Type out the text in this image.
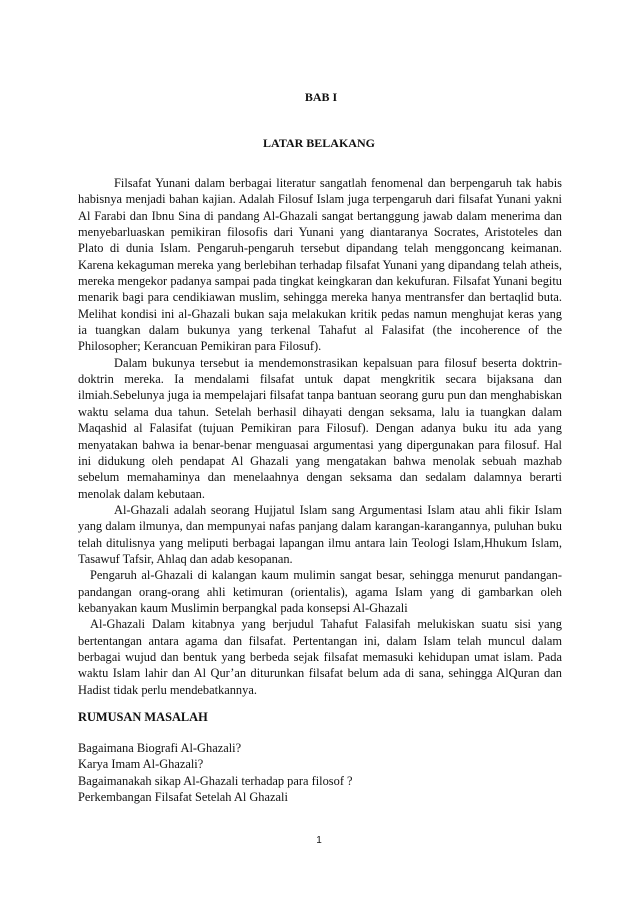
BAB I
LATAR BELAKANG

Filsafat Yunani dalam berbagai literatur sangatlah fenomenal dan berpengaruh tak habis habisnya menjadi bahan kajian. Adalah Filosuf Islam juga terpengaruh dari filsafat Yunani yakni Al Farabi dan Ibnu Sina di pandang Al-Ghazali sangat bertanggung jawab dalam menerima dan menyebarluaskan pemikiran filosofis dari Yunani yang diantaranya Socrates, Aristoteles dan Plato di dunia Islam. Pengaruh-pengaruh tersebut dipandang telah menggoncang keimanan. Karena kekaguman mereka yang berlebihan terhadap filsafat Yunani yang dipandang telah atheis, mereka mengekor padanya sampai pada tingkat keingkaran dan kekufuran. Filsafat Yunani begitu menarik bagi para cendikiawan muslim, sehingga mereka hanya mentransfer dan bertaqlid buta. Melihat kondisi ini al-Ghazali bukan saja melakukan kritik pedas namun menghujat keras yang ia tuangkan dalam bukunya yang terkenal Tahafut al Falasifat (the incoherence of the Philosopher; Kerancuan Pemikiran para Filosuf).

Dalam bukunya tersebut ia mendemonstrasikan kepalsuan para filosuf beserta doktrin-doktrin mereka. Ia mendalami filsafat untuk dapat mengkritik secara bijaksana dan ilmiah.Sebelunya juga ia mempelajari filsafat tanpa bantuan seorang guru pun dan menghabiskan waktu selama dua tahun. Setelah berhasil dihayati dengan seksama, lalu ia tuangkan dalam Maqashid al Falasifat (tujuan Pemikiran para Filosuf). Dengan adanya buku itu ada yang menyatakan bahwa ia benar-benar menguasai argumentasi yang dipergunakan para filosuf. Hal ini didukung oleh pendapat Al Ghazali yang mengatakan bahwa menolak sebuah mazhab sebelum memahaminya dan menelaahnya dengan seksama dan sedalam dalamnya berarti menolak dalam kebutaan.

Al-Ghazali adalah seorang Hujjatul Islam sang Argumentasi Islam atau ahli fikir Islam yang dalam ilmunya, dan mempunyai nafas panjang dalam karangan-karangannya, puluhan buku telah ditulisnya yang meliputi berbagai lapangan ilmu antara lain Teologi Islam,Hhukum Islam, Tasawuf Tafsir, Ahlaq dan adab kesopanan.

Pengaruh al-Ghazali di kalangan kaum mulimin sangat besar, sehingga menurut pandangan-pandangan orang-orang ahli ketimuran (orientalis), agama Islam yang di gambarkan oleh kebanyakan kaum Muslimin berpangkal pada konsepsi Al-Ghazali

Al-Ghazali Dalam kitabnya yang berjudul Tahafut Falasifah melukiskan suatu sisi yang bertentangan antara agama dan filsafat. Pertentangan ini, dalam Islam telah muncul dalam berbagai wujud dan bentuk yang berbeda sejak filsafat memasuki kehidupan umat islam. Pada waktu Islam lahir dan Al Qur’an diturunkan filsafat belum ada di sana, sehingga AlQuran dan Hadist tidak perlu mendebatkannya.

RUMUSAN MASALAH
Bagaimana Biografi Al-Ghazali?
Karya Imam Al-Ghazali?
Bagaimanakah sikap Al-Ghazali terhadap para filosof ?
Perkembangan Filsafat Setelah Al Ghazali
1
